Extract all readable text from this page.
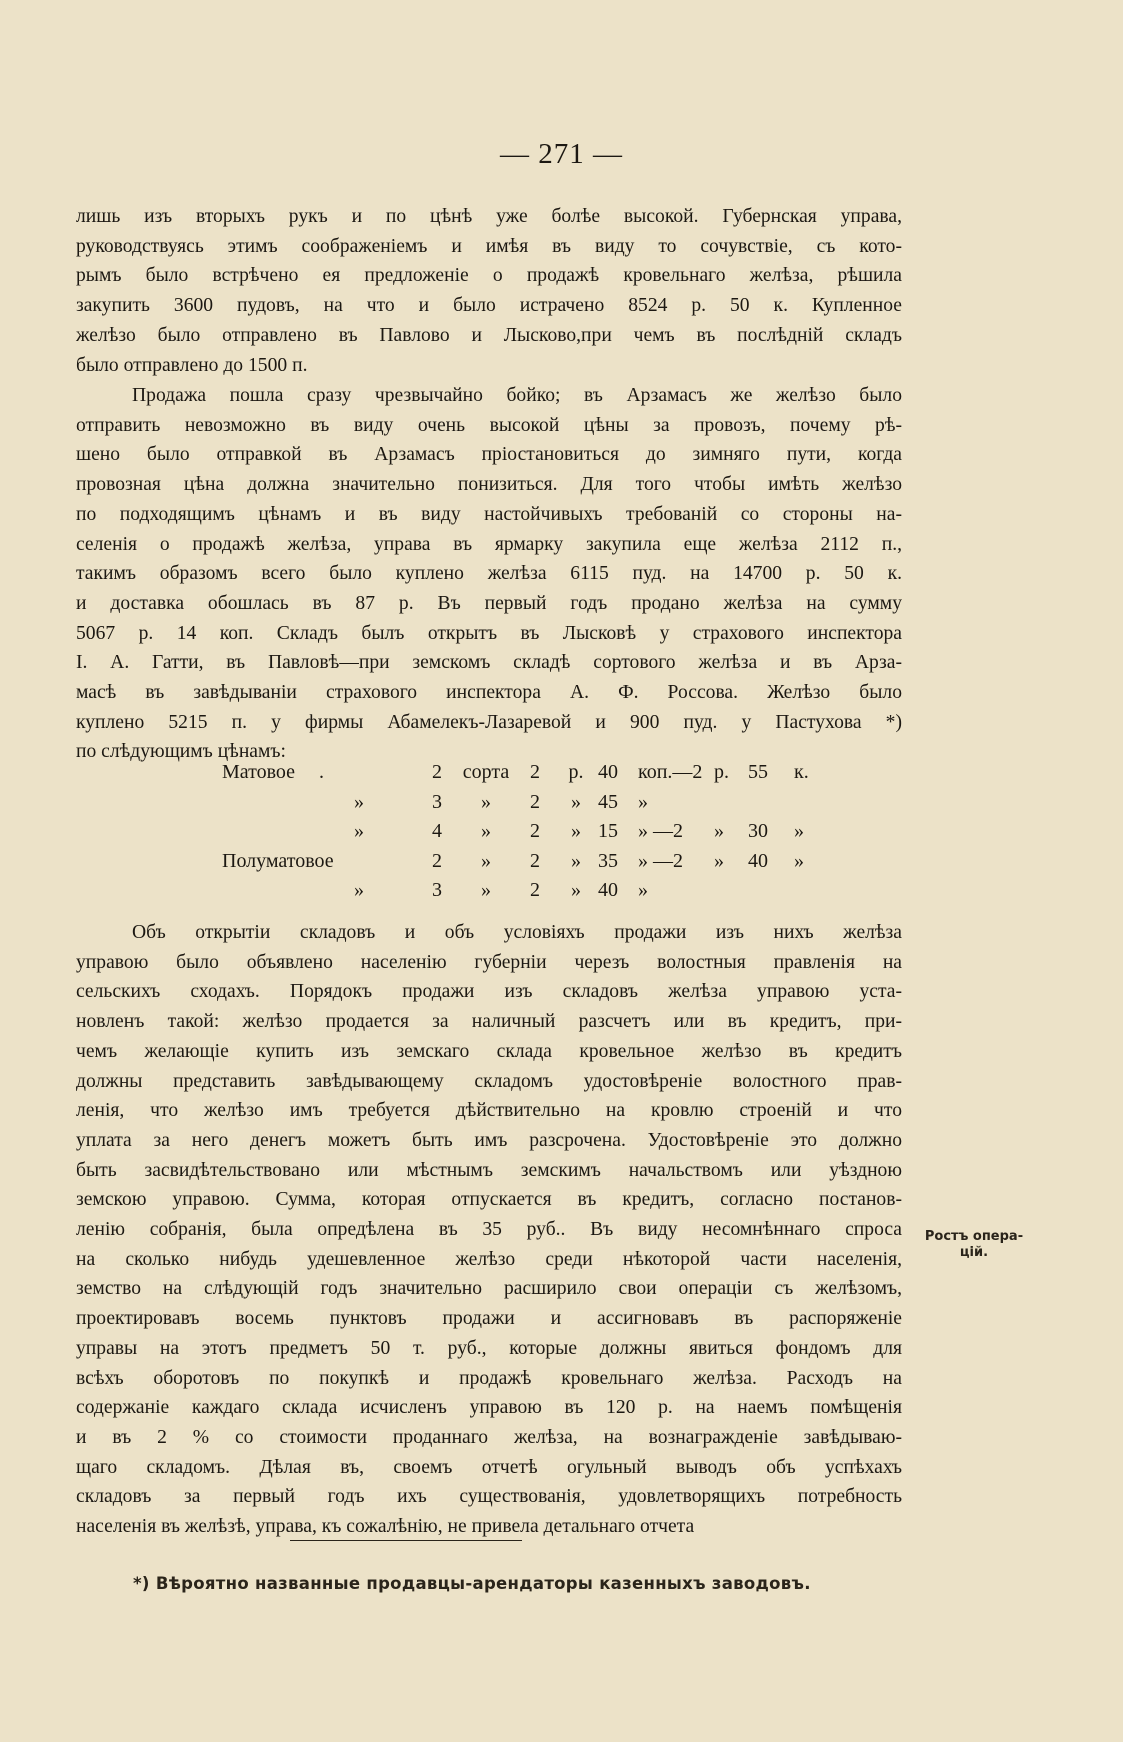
— 271 —
лишь изъ вторыхъ рукъ и по цѣнѣ уже болѣе высокой. Губернская управа,
руководствуясь этимъ соображеніемъ и имѣя въ виду то сочувствіе, съ кото-
рымъ было встрѣчено ея предложеніе о продажѣ кровельнаго желѣза, рѣшила
закупить 3600 пудовъ, на что и было истрачено 8524 р. 50 к. Купленное
желѣзо было отправлено въ Павлово и Лысково,при чемъ въ послѣдній складъ
было отправлено до 1500 п.
Продажа пошла сразу чрезвычайно бойко; въ Арзамасъ же желѣзо было
отправить невозможно въ виду очень высокой цѣны за провозъ, почему рѣ-
шено было отправкой въ Арзамасъ пріостановиться до зимняго пути, когда
провозная цѣна должна значительно понизиться. Для того чтобы имѣть желѣзо
по подходящимъ цѣнамъ и въ виду настойчивыхъ требованій со стороны на-
селенія о продажѣ желѣза, управа въ ярмарку закупила еще желѣза 2112 п.,
такимъ образомъ всего было куплено желѣза 6115 пуд. на 14700 р. 50 к.
и доставка обошлась въ 87 р. Въ первый годъ продано желѣза на сумму
5067 р. 14 коп. Складъ былъ открытъ въ Лысковѣ у страхового инспектора
I. А. Гатти, въ Павловѣ—при земскомъ складѣ сортового желѣза и въ Арза-
масѣ въ завѣдываніи страхового инспектора А. Ф. Россова. Желѣзо было
куплено 5215 п. у фирмы Абамелекъ-Лазаревой и 900 пуд. у Пастухова *)
по слѣдующимъ цѣнамъ:
Матовое .	2	сорта	2	р.	40	коп.—2	р.	55	к.
»	3	»	2	»	45	»			
»	4	»	2	»	15	» —2	»	30	»
Полуматовое	2	»	2	»	35	» —2	»	40	»
»	3	»	2	»	40	»			
Объ открытіи складовъ и объ условіяхъ продажи изъ нихъ желѣза
управою было объявлено населенію губерніи черезъ волостныя правленія на
сельскихъ сходахъ. Порядокъ продажи изъ складовъ желѣза управою уста-
новленъ такой: желѣзо продается за наличный разсчетъ или въ кредитъ, при-
чемъ желающіе купить изъ земскаго склада кровельное желѣзо въ кредитъ
должны представить завѣдывающему складомъ удостовѣреніе волостного прав-
ленія, что желѣзо имъ требуется дѣйствительно на кровлю строеній и что
уплата за него денегъ можетъ быть имъ разсрочена. Удостовѣреніе это должно
быть засвидѣтельствовано или мѣстнымъ земскимъ начальствомъ или уѣздною
земскою управою. Сумма, которая отпускается въ кредитъ, согласно постанов-
ленію собранія, была опредѣлена въ 35 руб.. Въ виду несомнѣннаго спроса
на сколько нибудь удешевленное желѣзо среди нѣкоторой части населенія,
земство на слѣдующій годъ значительно расширило свои операціи съ желѣзомъ,
проектировавъ восемь пунктовъ продажи и ассигновавъ въ распоряженіе
управы на этотъ предметъ 50 т. руб., которые должны явиться фондомъ для
всѣхъ оборотовъ по покупкѣ и продажѣ кровельнаго желѣза. Расходъ на
содержаніе каждаго склада исчисленъ управою въ 120 р. на наемъ помѣщенія
и въ 2 % со стоимости проданнаго желѣза, на вознагражденіе завѣдываю-
щаго складомъ. Дѣлая въ, своемъ отчетѣ огульный выводъ объ успѣхахъ
складовъ за первый годъ ихъ существованія, удовлетворящихъ потребность
населенія въ желѣзѣ, управа, къ сожалѣнію, не привела детальнаго отчета
Ростъ опера-
цій.
*) Вѣроятно названные продавцы-арендаторы казенныхъ заводовъ.
